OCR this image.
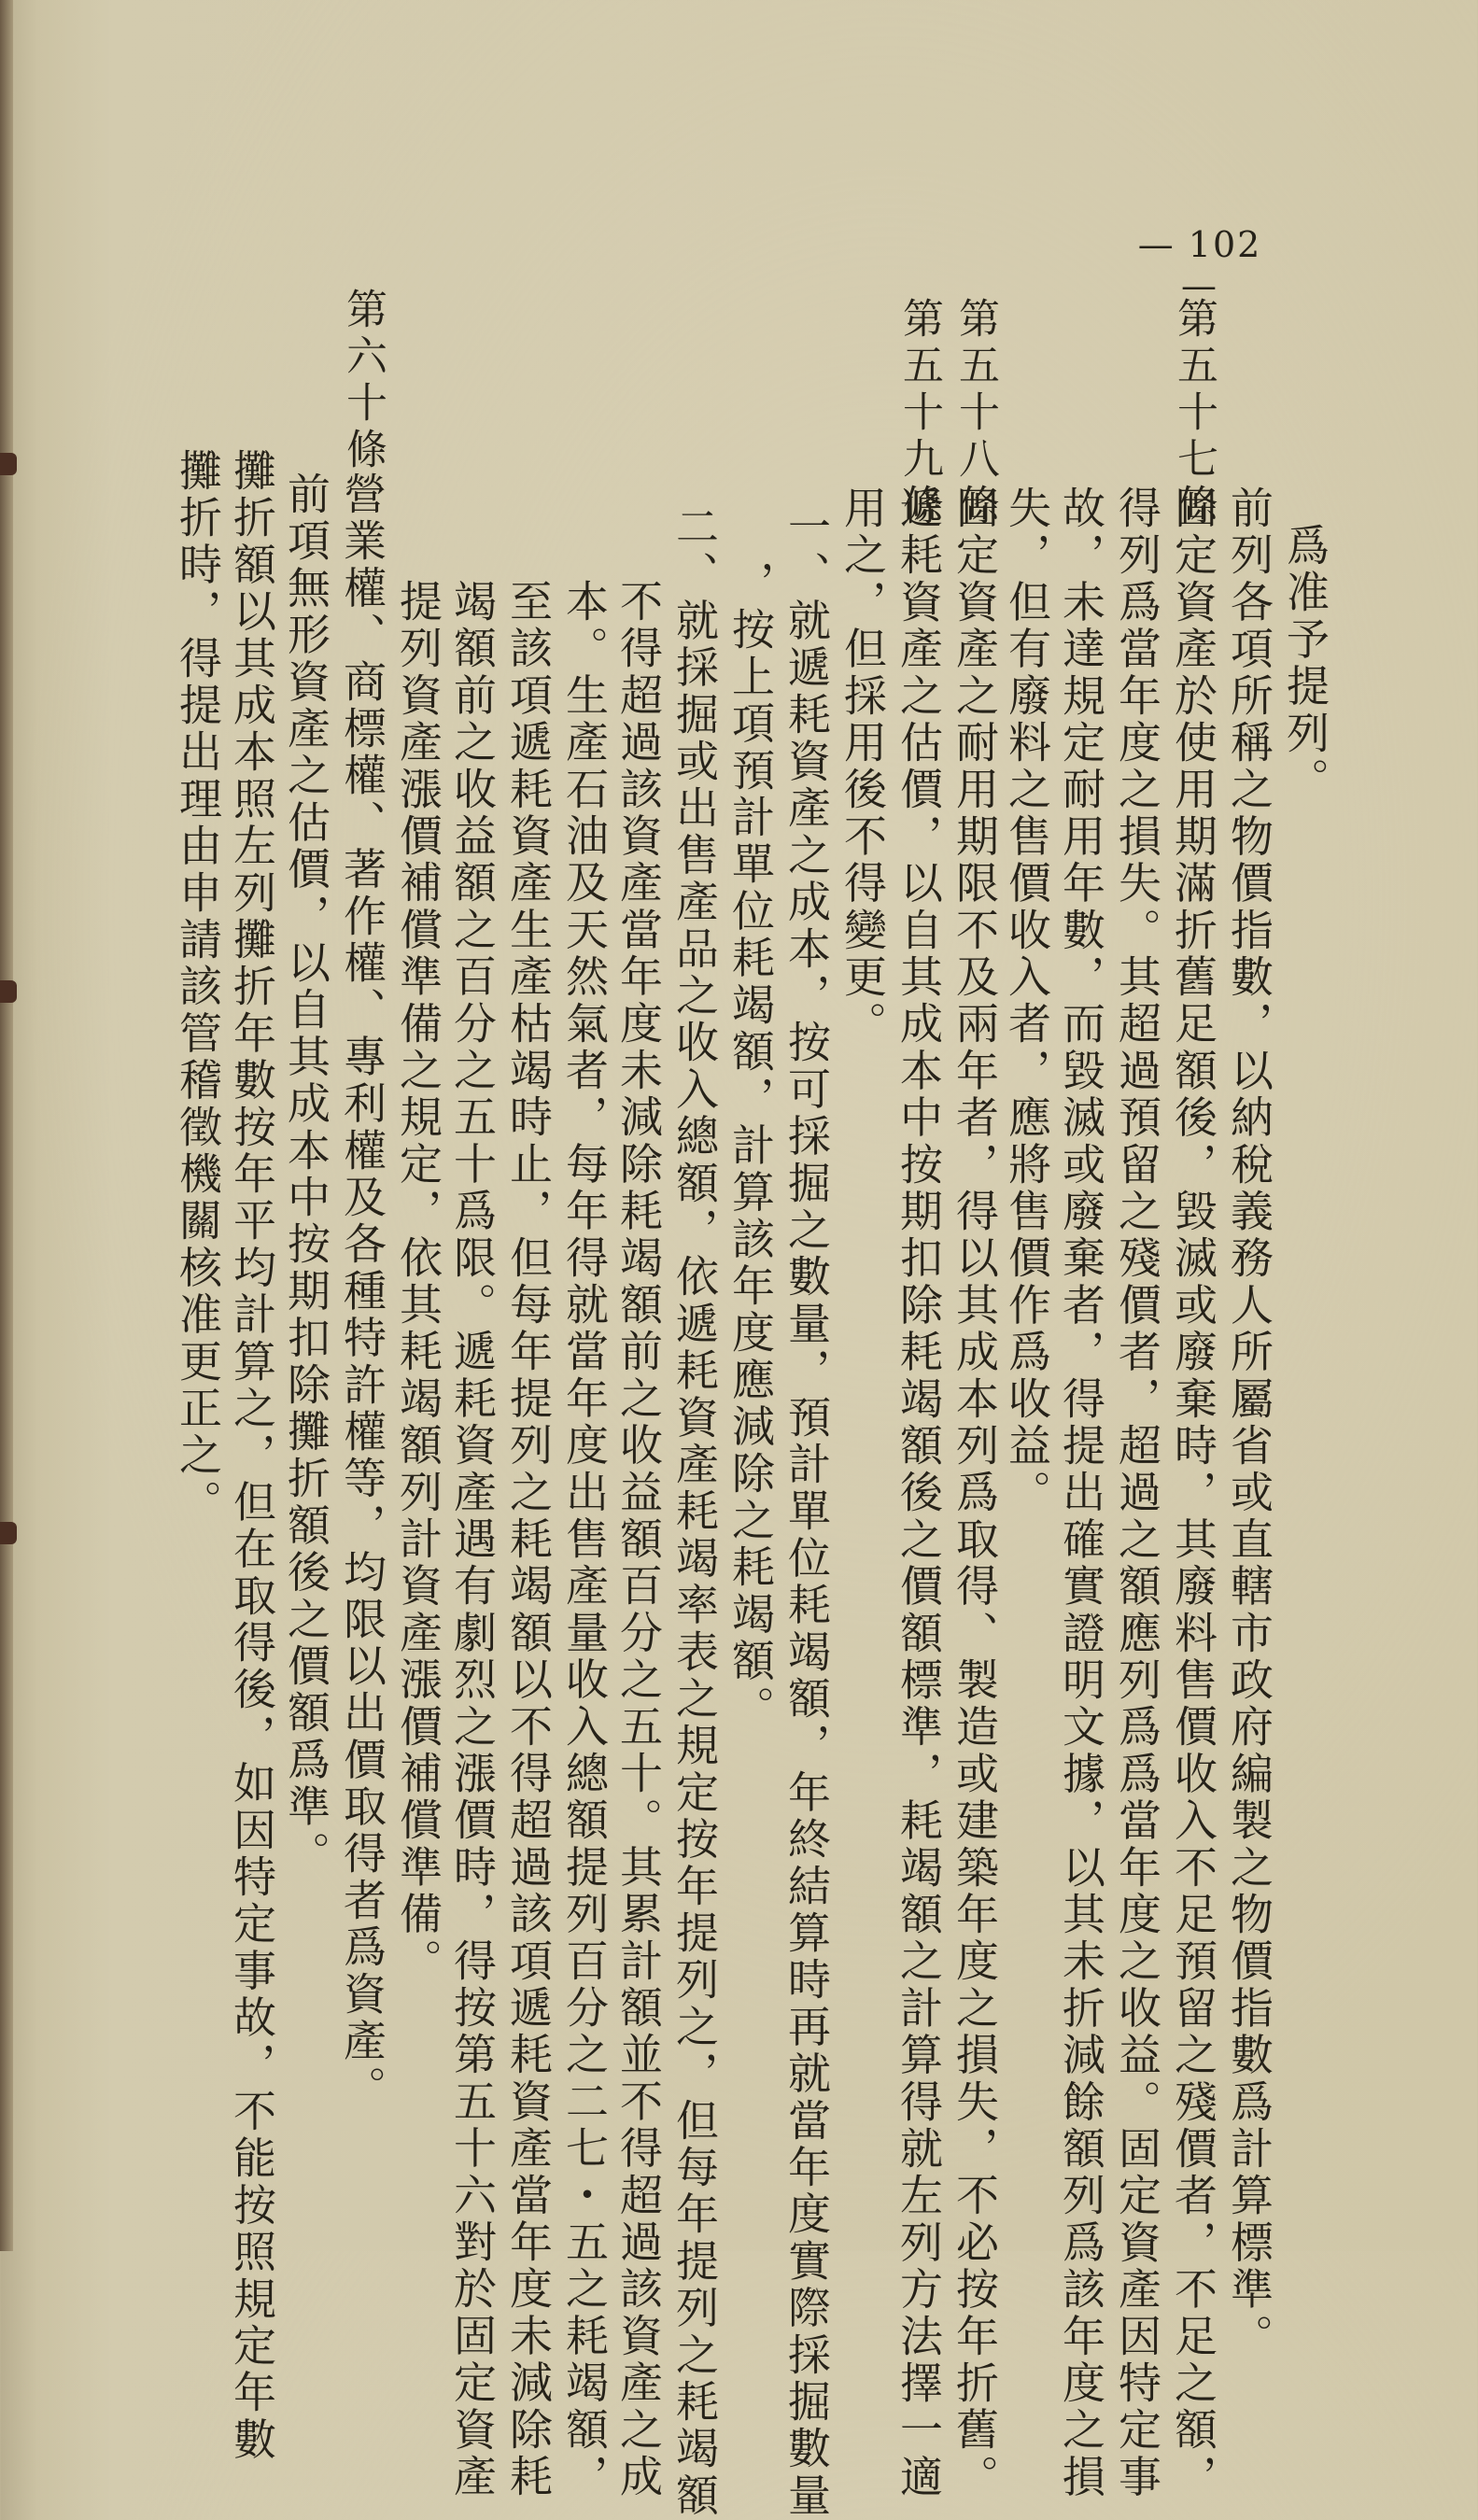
— 102 —
第五十七條
第五十八條
第五十九條
第六十條
爲准予提列。
前列各項所稱之物價指數，以納稅義務人所屬省或直轄市政府編製之物價指數爲計算標準。
固定資產於使用期滿折舊足額後，毀滅或廢棄時，其廢料售價收入不足預留之殘價者，不足之額，
得列爲當年度之損失。其超過預留之殘價者，超過之額應列爲爲當年度之收益。固定資產因特定事
故，未達規定耐用年數，而毀滅或廢棄者，得提出確實證明文據，以其未折減餘額列爲該年度之損
失，但有廢料之售價收入者，應將售價作爲收益。
固定資產之耐用期限不及兩年者，得以其成本列爲取得、製造或建築年度之損失，不必按年折舊。
遞耗資產之估價，以自其成本中按期扣除耗竭額後之價額標準，耗竭額之計算得就左列方法擇一適
用之，但採用後不得變更。
一、就遞耗資產之成本，按可採掘之數量，預計單位耗竭額，年終結算時再就當年度實際採掘數量
，按上項預計單位耗竭額，計算該年度應減除之耗竭額。
二、就採掘或出售產品之收入總額，依遞耗資產耗竭率表之規定按年提列之，但每年提列之耗竭額
不得超過該資產當年度未減除耗竭額前之收益額百分之五十。其累計額並不得超過該資產之成
本。生產石油及天然氣者，每年得就當年度出售產量收入總額提列百分之二七・五之耗竭額，
至該項遞耗資產生產枯竭時止，但每年提列之耗竭額以不得超過該項遞耗資產當年度未減除耗
竭額前之收益額之百分之五十爲限。遞耗資產遇有劇烈之漲價時，得按第五十六對於固定資產
提列資產漲價補償準備之規定，依其耗竭額列計資產漲價補償準備。
營業權、商標權、著作權、專利權及各種特許權等，均限以出價取得者爲資產。
前項無形資產之估價，以自其成本中按期扣除攤折額後之價額爲準。
攤折額以其成本照左列攤折年數按年平均計算之，但在取得後，如因特定事故，不能按照規定年數
攤折時，得提出理由申請該管稽徵機關核准更正之。
